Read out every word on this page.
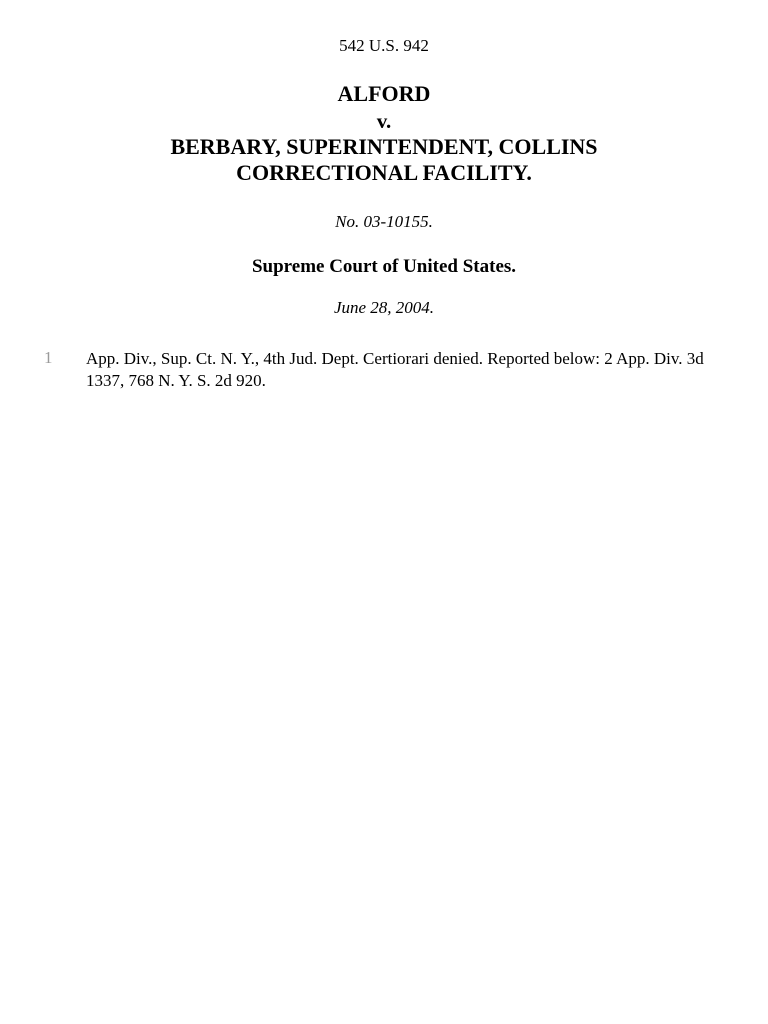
542 U.S. 942

ALFORD

v.

BERBARY, SUPERINTENDENT, COLLINS

CORRECTIONAL FACILITY.

No. 03-10155.

Supreme Court of United States.

June 28, 2004.

1 App. Div., Sup. Ct. N. Y., 4th Jud. Dept. Certiorari denied. Reported below: 2 App. Div. 3d 1337, 768 N. Y. S. 2d 920.
